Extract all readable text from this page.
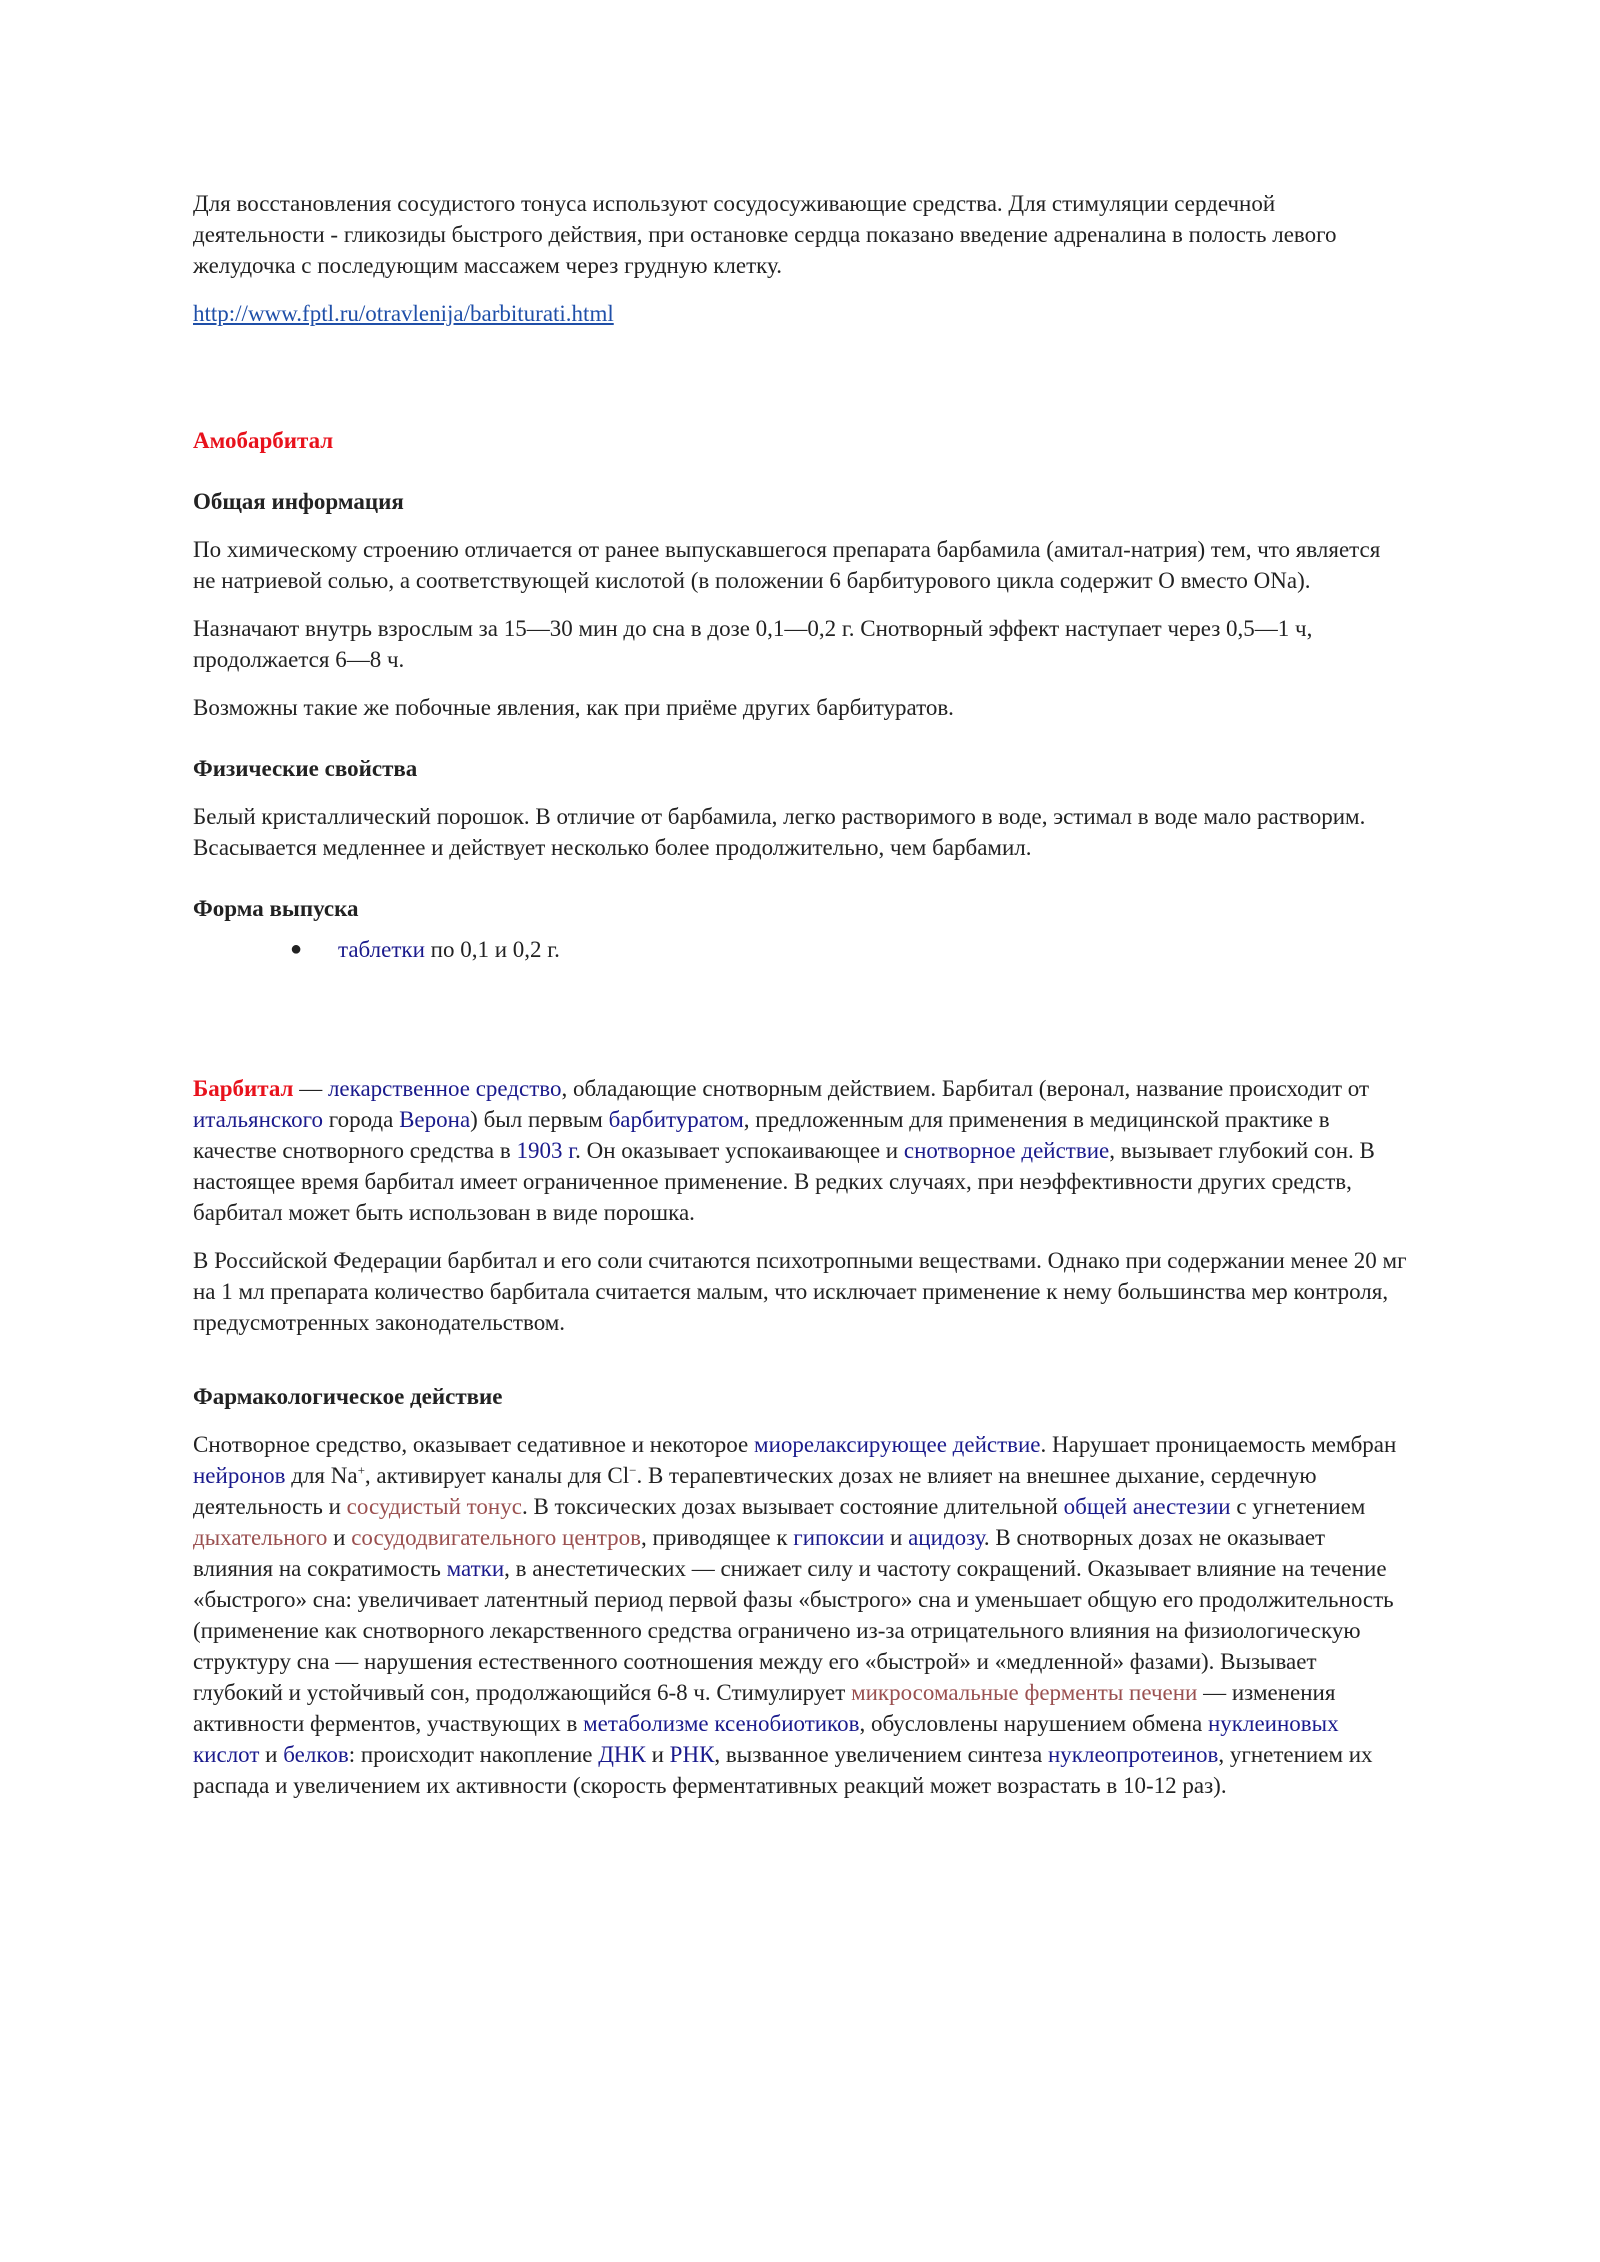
Для восстановления сосудистого тонуса используют сосудосуживающие средства. Для стимуляции сердечной деятельности - гликозиды быстрого действия, при остановке сердца показано введение адреналина в полость левого желудочка с последующим массажем через грудную клетку.

http://www.fptl.ru/otravlenija/barbiturati.html

Амобарбитал

Общая информация

По химическому строению отличается от ранее выпускавшегося препарата барбамила (амитал-натрия) тем, что является не натриевой солью, а соответствующей кислотой (в положении 6 барбитурового цикла содержит О вместо ONa).

Назначают внутрь взрослым за 15—30 мин до сна в дозе 0,1—0,2 г. Снотворный эффект наступает через 0,5—1 ч, продолжается 6—8 ч.

Возможны такие же побочные явления, как при приёме других барбитуратов.

Физические свойства

Белый кристаллический порошок. В отличие от барбамила, легко растворимого в воде, эстимал в воде мало растворим. Всасывается медленнее и действует несколько более продолжительно, чем барбамил.

Форма выпуска

● таблетки по 0,1 и 0,2 г.

Барбитал — лекарственное средство, обладающие снотворным действием. Барбитал (веронал, название происходит от итальянского города Верона) был первым барбитуратом, предложенным для применения в медицинской практике в качестве снотворного средства в 1903 г. Он оказывает успокаивающее и снотворное действие, вызывает глубокий сон. В настоящее время барбитал имеет ограниченное применение. В редких случаях, при неэффективности других средств, барбитал может быть использован в виде порошка.

В Российской Федерации барбитал и его соли считаются психотропными веществами. Однако при содержании менее 20 мг на 1 мл препарата количество барбитала считается малым, что исключает применение к нему большинства мер контроля, предусмотренных законодательством.

Фармакологическое действие

Снотворное средство, оказывает седативное и некоторое миорелаксирующее действие. Нарушает проницаемость мембран нейронов для Na+, активирует каналы для Cl−. В терапевтических дозах не влияет на внешнее дыхание, сердечную деятельность и сосудистый тонус. В токсических дозах вызывает состояние длительной общей анестезии с угнетением дыхательного и сосудодвигательного центров, приводящее к гипоксии и ацидозу. В снотворных дозах не оказывает влияния на сократимость матки, в анестетических — снижает силу и частоту сокращений. Оказывает влияние на течение «быстрого» сна: увеличивает латентный период первой фазы «быстрого» сна и уменьшает общую его продолжительность (применение как снотворного лекарственного средства ограничено из-за отрицательного влияния на физиологическую структуру сна — нарушения естественного соотношения между его «быстрой» и «медленной» фазами). Вызывает глубокий и устойчивый сон, продолжающийся 6-8 ч. Стимулирует микросомальные ферменты печени — изменения активности ферментов, участвующих в метаболизме ксенобиотиков, обусловлены нарушением обмена нуклеиновых кислот и белков: происходит накопление ДНК и РНК, вызванное увеличением синтеза нуклеопротеинов, угнетением их распада и увеличением их активности (скорость ферментативных реакций может возрастать в 10-12 раз).
